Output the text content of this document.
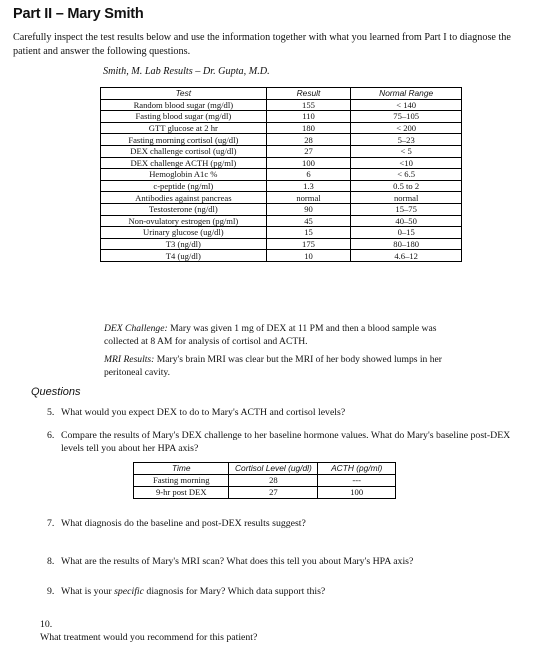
Part II – Mary Smith
Carefully inspect the test results below and use the information together with what you learned from Part I to diagnose the patient and answer the following questions.
Smith, M. Lab Results – Dr. Gupta, M.D.
Test	Result	Normal Range
Random blood sugar (mg/dl)	155	< 140
Fasting blood sugar (mg/dl)	110	75–105
GTT glucose at 2 hr	180	< 200
Fasting morning cortisol (ug/dl)	28	5–23
DEX challenge cortisol (ug/dl)	27	< 5
DEX challenge ACTH (pg/ml)	100	<10
Hemoglobin A1c %	6	< 6.5
c-peptide (ng/ml)	1.3	0.5 to 2
Antibodies against pancreas	normal	normal
Testosterone (ng/dl)	90	15–75
Non-ovulatory estrogen (pg/ml)	45	40–50
Urinary glucose (ug/dl)	15	0–15
T3 (ng/dl)	175	80–180
T4 (ug/dl)	10	4.6–12
DEX Challenge: Mary was given 1 mg of DEX at 11 PM and then a blood sample was collected at 8 AM for analysis of cortisol and ACTH.
MRI Results: Mary's brain MRI was clear but the MRI of her body showed lumps in her peritoneal cavity.
Questions
5. What would you expect DEX to do to Mary's ACTH and cortisol levels?
6. Compare the results of Mary's DEX challenge to her baseline hormone values. What do Mary's baseline post-DEX levels tell you about her HPA axis?
Time	Cortisol Level (ug/dl)	ACTH (pg/ml)
Fasting morning	28	---
9-hr post DEX	27	100
7. What diagnosis do the baseline and post-DEX results suggest?
8. What are the results of Mary's MRI scan? What does this tell you about Mary's HPA axis?
9. What is your specific diagnosis for Mary? Which data support this?
10.What treatment would you recommend for this patient?
